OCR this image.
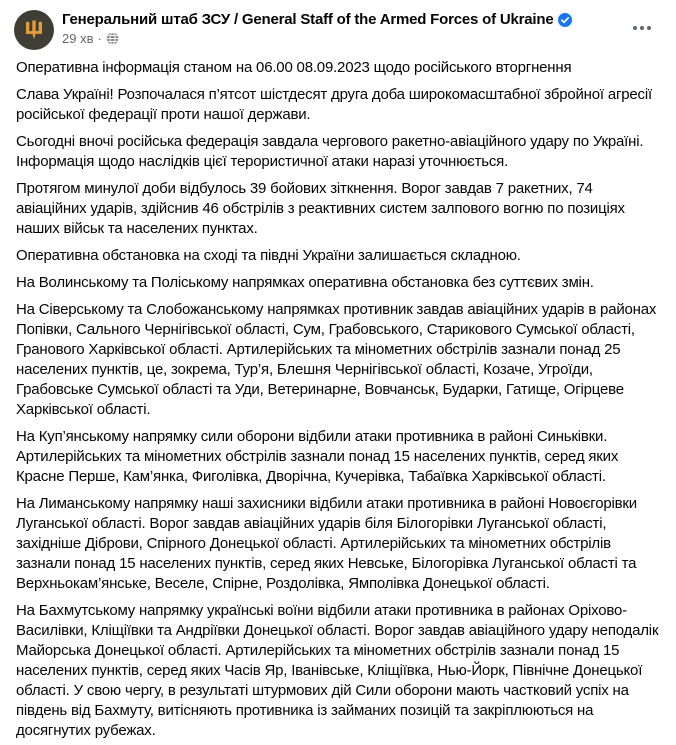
Генеральний штаб ЗСУ / General Staff of the Armed Forces of Ukraine
29 хв ·

Оперативна інформація станом на 06.00 08.09.2023 щодо російського вторгнення

Слава Україні! Розпочалася п’ятсот шістдесят друга доба широкомасштабної збройної агресії російської федерації проти нашої держави.

Сьогодні вночі російська федерація завдала чергового ракетно-авіаційного удару по Україні. Інформація щодо наслідків цієї терористичної атаки наразі уточнюється.

Протягом минулої доби відбулось 39 бойових зіткнення. Ворог завдав 7 ракетних, 74 авіаційних ударів, здійснив 46 обстрілів з реактивних систем залпового вогню по позиціях наших військ та населених пунктах.

Оперативна обстановка на сході та півдні України залишається складною.

На Волинському та Поліському напрямках оперативна обстановка без суттєвих змін.

На Сіверському та Слобожанському напрямках противник завдав авіаційних ударів в районах Попівки, Сального Чернігівської області, Сум, Грабовського, Старикового Сумської області, Гранового Харківської області. Артилерійських та мінометних обстрілів зазнали понад 25 населених пунктів, це, зокрема, Тур’я, Блешня Чернігівської області, Козаче, Угроїди, Грабовське Сумської області та Уди, Ветеринарне, Вовчанськ, Бударки, Гатище, Огірцеве Харківської області.

На Куп’янському напрямку сили оборони відбили атаки противника в районі Синьківки. Артилерійських та мінометних обстрілів зазнали понад 15 населених пунктів, серед яких Красне Перше, Кам’янка, Фиголівка, Дворічна, Кучерівка, Табаївка Харківської області.

На Лиманському напрямку наші захисники відбили атаки противника в районі Новоєгорівки Луганської області. Ворог завдав авіаційних ударів біля Білогорівки Луганської області, західніше Діброви, Спірного Донецької області. Артилерійських та мінометних обстрілів зазнали понад 15 населених пунктів, серед яких Невське, Білогорівка Луганської області та Верхньокам’янське, Веселе, Спірне, Роздолівка, Ямполівка Донецької області.

На Бахмутському напрямку українські воїни відбили атаки противника в районах Оріхово-Василівки, Кліщіївки та Андріївки Донецької області. Ворог завдав авіаційного удару неподалік Майорська Донецької області. Артилерійських та мінометних обстрілів зазнали понад 15 населених пунктів, серед яких Часів Яр, Іванівське, Кліщіївка, Нью-Йорк, Північне Донецької області. У свою чергу, в результаті штурмових дій Сили оборони мають частковий успіх на південь від Бахмуту, витісняють противника із займаних позицій та закріплюються на досягнутих рубежах.
